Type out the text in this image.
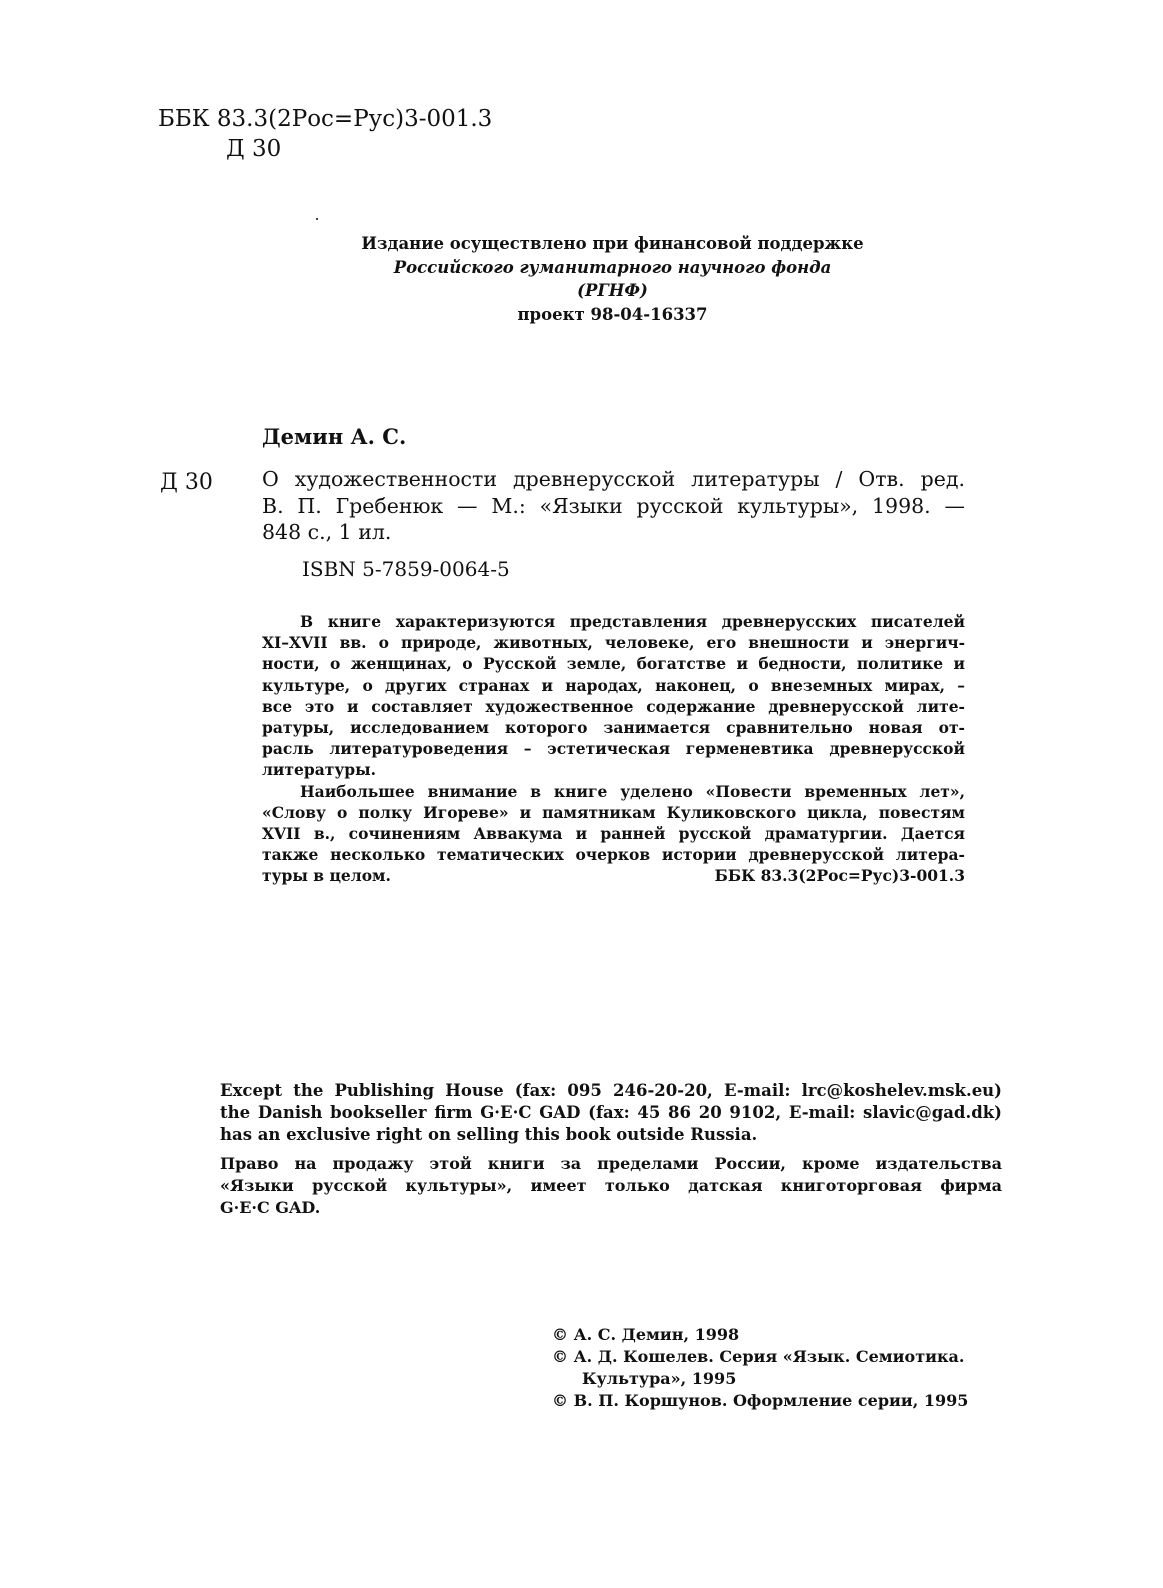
ББК 83.3(2Рос=Рус)3-001.3
Д 30
Издание осуществлено при финансовой поддержке
Российского гуманитарного научного фонда
(РГНФ)
проект 98-04-16337
Демин А. С.
Д 30 О художественности древнерусской литературы / Отв. ред.
В. П. Гребенюк — М.: «Языки русской культуры», 1998. —
848 с., 1 ил.
ISBN 5-7859-0064-5
В книге характеризуются представления древнерусских писателей
XI–XVII вв. о природе, животных, человеке, его внешности и энергич-
ности, о женщинах, о Русской земле, богатстве и бедности, политике и
культуре, о других странах и народах, наконец, о внеземных мирах, –
все это и составляет художественное содержание древнерусской лите-
ратуры, исследованием которого занимается сравнительно новая от-
расль литературоведения – эстетическая герменевтика древнерусской
литературы.
Наибольшее внимание в книге уделено «Повести временных лет»,
«Слову о полку Игореве» и памятникам Куликовского цикла, повестям
XVII в., сочинениям Аввакума и ранней русской драматургии. Дается
также несколько тематических очерков истории древнерусской литера-
туры в целом.	ББК 83.3(2Рос=Рус)3-001.3
Except the Publishing House (fax: 095 246-20-20, E-mail: lrc@koshelev.msk.eu)
the Danish bookseller firm G·E·C GAD (fax: 45 86 20 9102, E-mail: slavic@gad.dk)
has an exclusive right on selling this book outside Russia.
Право на продажу этой книги за пределами России, кроме издательства
«Языки русской культуры», имеет только датская книготорговая фирма
G·E·C GAD.
© А. С. Демин, 1998
© А. Д. Кошелев. Серия «Язык. Семиотика.
Культура», 1995
© В. П. Коршунов. Оформление серии, 1995
